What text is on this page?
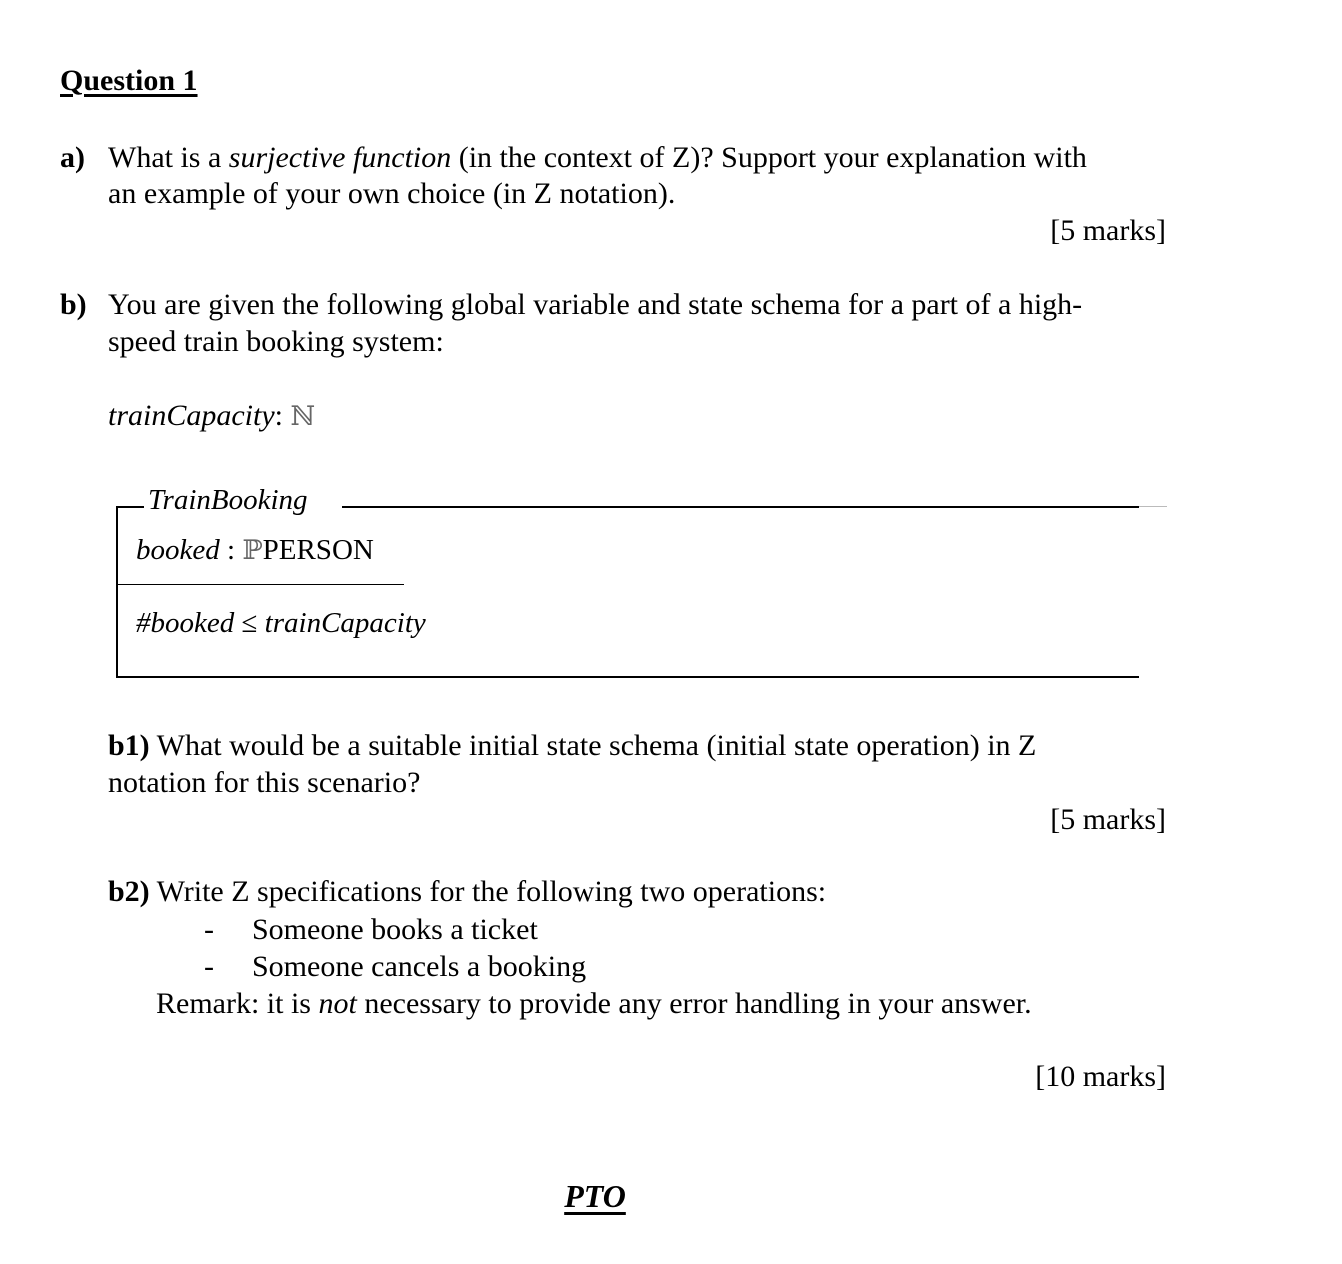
Question 1
a) What is a surjective function (in the context of Z)? Support your explanation with
an example of your own choice (in Z notation).
[5 marks]
b) You are given the following global variable and state schema for a part of a high-
speed train booking system:
trainCapacity: ℕ
TrainBooking
booked : ℙPERSON
#booked ≤ trainCapacity
b1) What would be a suitable initial state schema (initial state operation) in Z
notation for this scenario?
[5 marks]
b2) Write Z specifications for the following two operations:
- Someone books a ticket
- Someone cancels a booking
Remark: it is not necessary to provide any error handling in your answer.
[10 marks]
PTO
